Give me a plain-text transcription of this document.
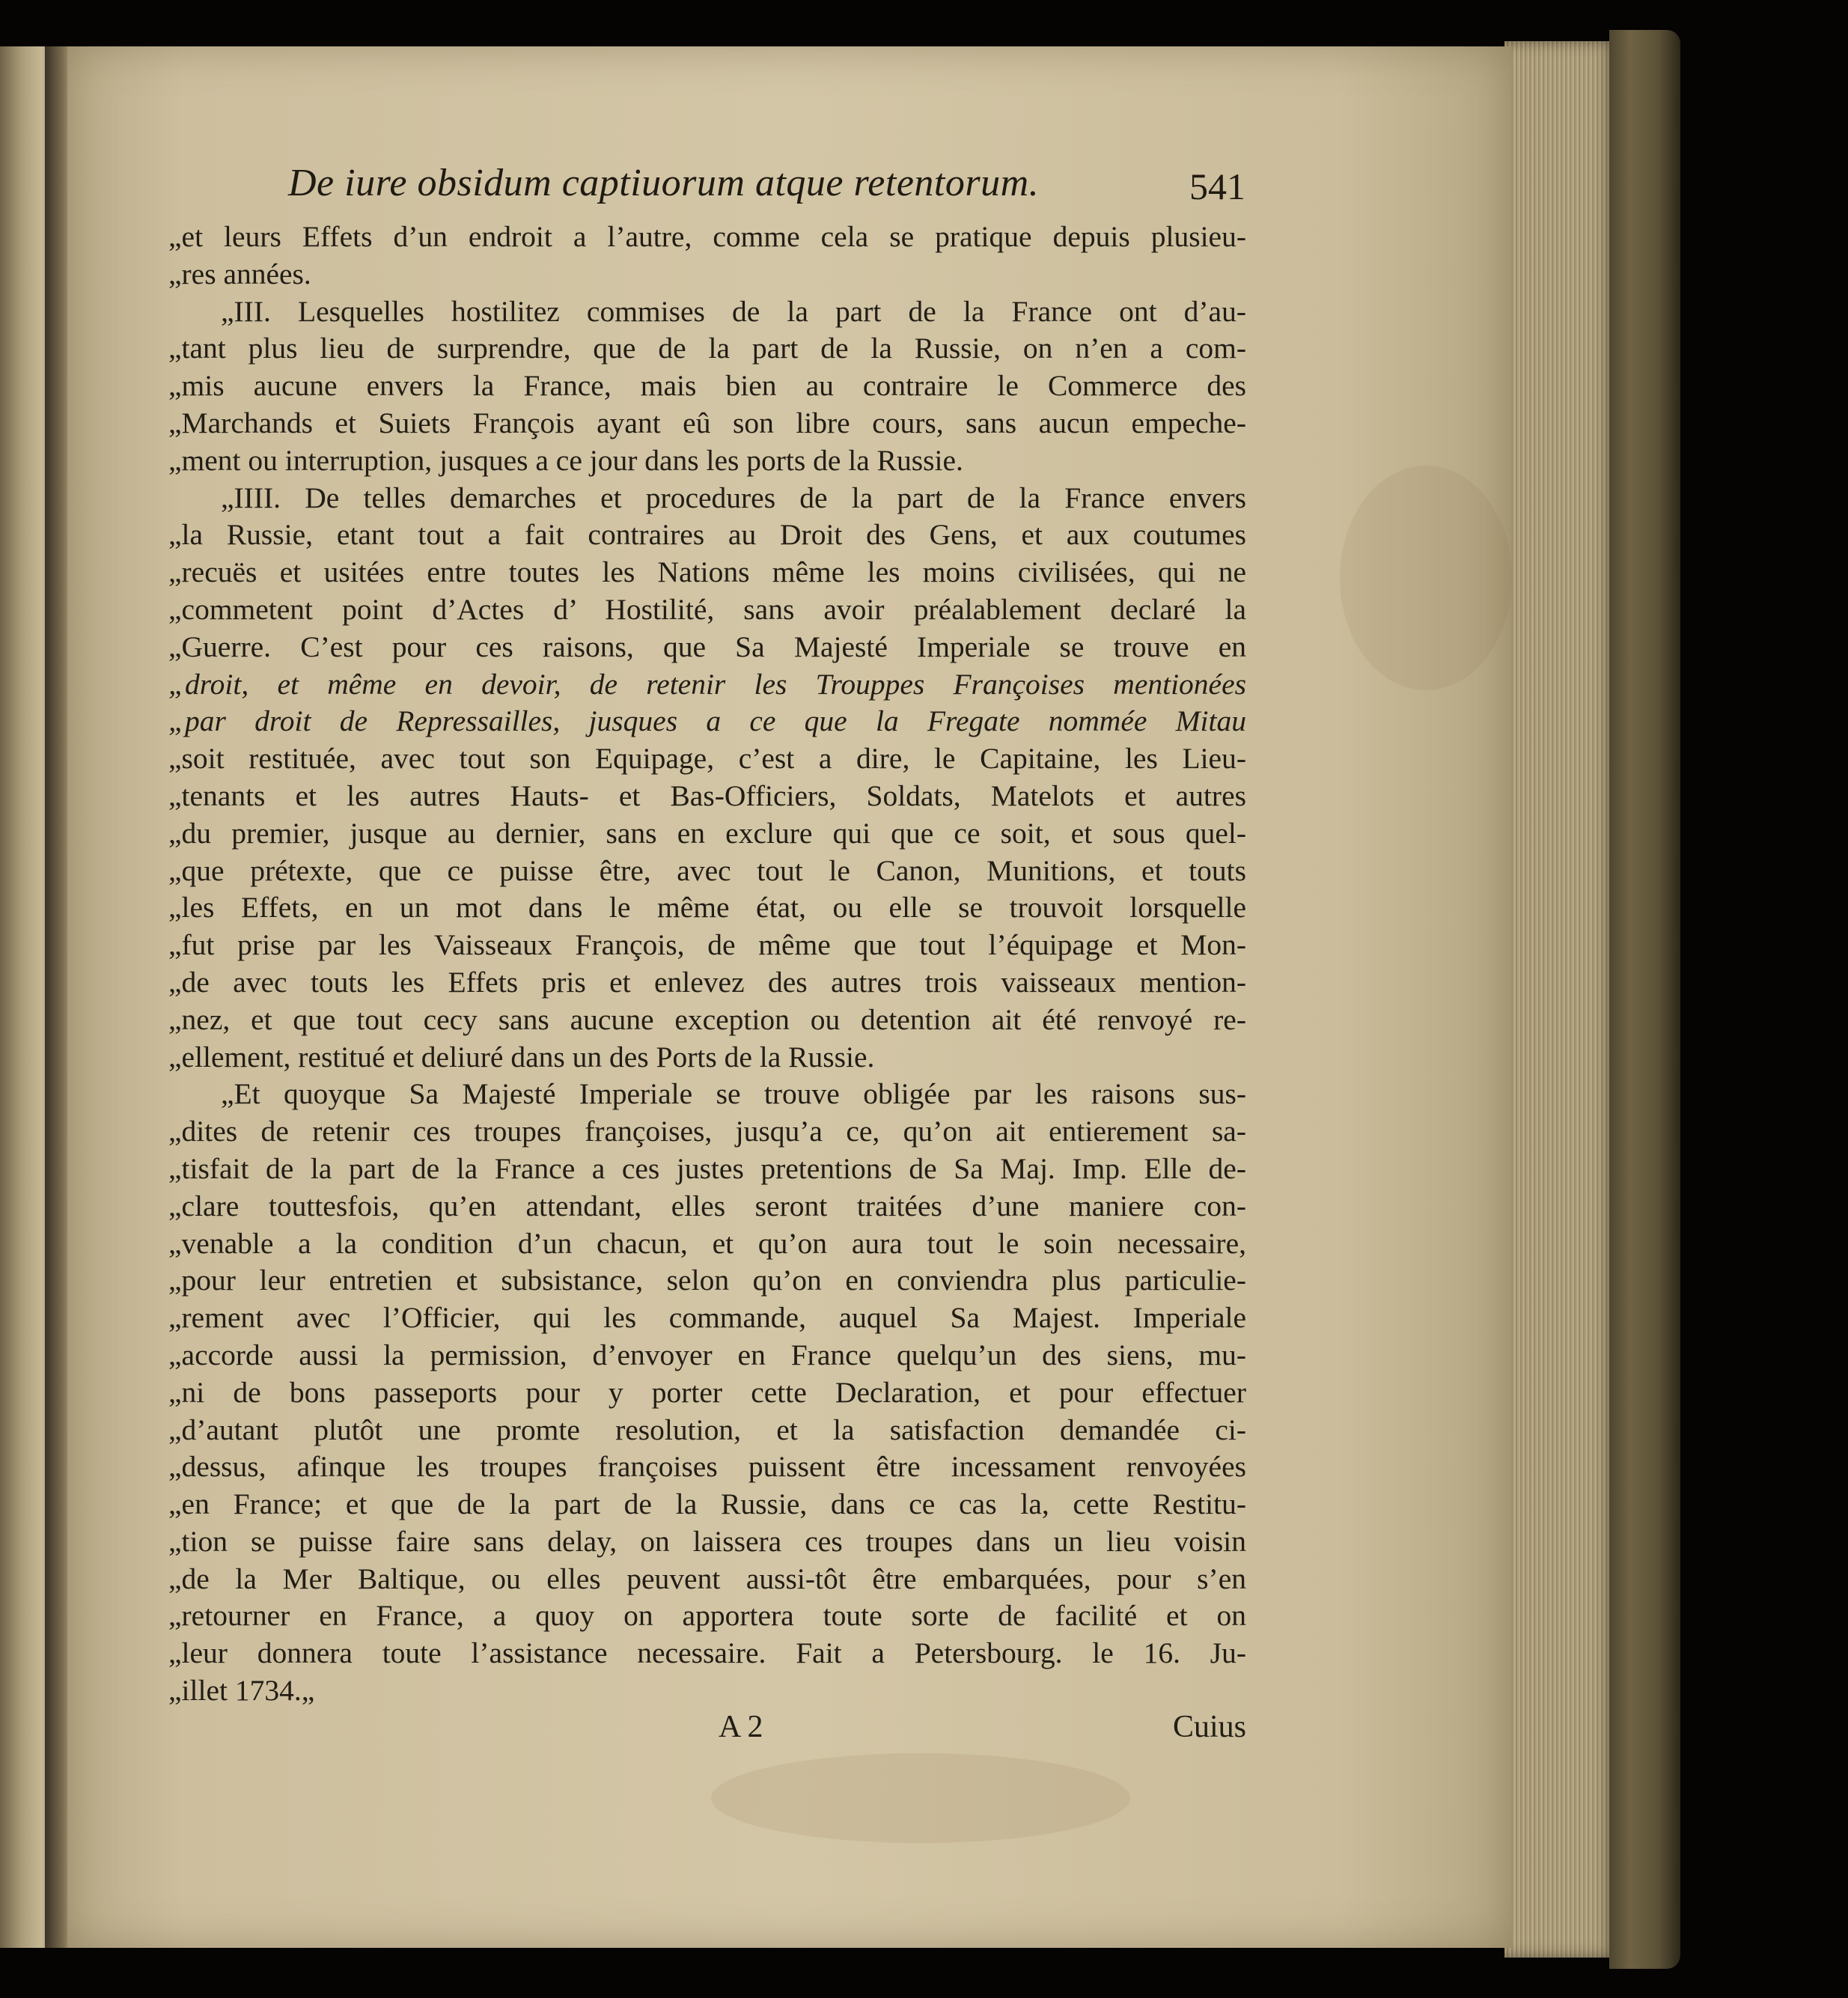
De iure obsidum captiuorum atque retentorum.	541
„et leurs Effets d’un endroit a l’autre, comme cela se pratique depuis plusieu-
„res années.
„III. Lesquelles hostilitez commises de la part de la France ont d’au-
„tant plus lieu de surprendre, que de la part de la Russie, on n’en a com-
„mis aucune envers la France, mais bien au contraire le Commerce des
„Marchands et Suiets François ayant eû son libre cours, sans aucun empeche-
„ment ou interruption, jusques a ce jour dans les ports de la Russie.
„IIII. De telles demarches et procedures de la part de la France envers
„la Russie, etant tout a fait contraires au Droit des Gens, et aux coutumes
„recuës et usitées entre toutes les Nations même les moins civilisées, qui ne
„commetent point d’Actes d’ Hostilité, sans avoir préalablement declaré la
„Guerre. C’est pour ces raisons, que Sa Majesté Imperiale se trouve en
„droit, et même en devoir, de retenir les Trouppes Françoises mentionées
„par droit de Repressailles, jusques a ce que la Fregate nommée Mitau
„soit restituée, avec tout son Equipage, c’est a dire, le Capitaine, les Lieu-
„tenants et les autres Hauts- et Bas-Officiers, Soldats, Matelots et autres
„du premier, jusque au dernier, sans en exclure qui que ce soit, et sous quel-
„que prétexte, que ce puisse être, avec tout le Canon, Munitions, et touts
„les Effets, en un mot dans le même état, ou elle se trouvoit lorsquelle
„fut prise par les Vaisseaux François, de même que tout l’équipage et Mon-
„de avec touts les Effets pris et enlevez des autres trois vaisseaux mention-
„nez, et que tout cecy sans aucune exception ou detention ait été renvoyé re-
„ellement, restitué et deliuré dans un des Ports de la Russie.
„Et quoyque Sa Majesté Imperiale se trouve obligée par les raisons sus-
„dites de retenir ces troupes françoises, jusqu’a ce, qu’on ait entierement sa-
„tisfait de la part de la France a ces justes pretentions de Sa Maj. Imp. Elle de-
„clare touttesfois, qu’en attendant, elles seront traitées d’une maniere con-
„venable a la condition d’un chacun, et qu’on aura tout le soin necessaire,
„pour leur entretien et subsistance, selon qu’on en conviendra plus particulie-
„rement avec l’Officier, qui les commande, auquel Sa Majest. Imperiale
„accorde aussi la permission, d’envoyer en France quelqu’un des siens, mu-
„ni de bons passeports pour y porter cette Declaration, et pour effectuer
„d’autant plutôt une promte resolution, et la satisfaction demandée ci-
„dessus, afinque les troupes françoises puissent être incessament renvoyées
„en France; et que de la part de la Russie, dans ce cas la, cette Restitu-
„tion se puisse faire sans delay, on laissera ces troupes dans un lieu voisin
„de la Mer Baltique, ou elles peuvent aussi-tôt être embarquées, pour s’en
„retourner en France, a quoy on apportera toute sorte de facilité et on
„leur donnera toute l’assistance necessaire. Fait a Petersbourg. le 16. Ju-
„illet 1734.„
A 2	Cuius
